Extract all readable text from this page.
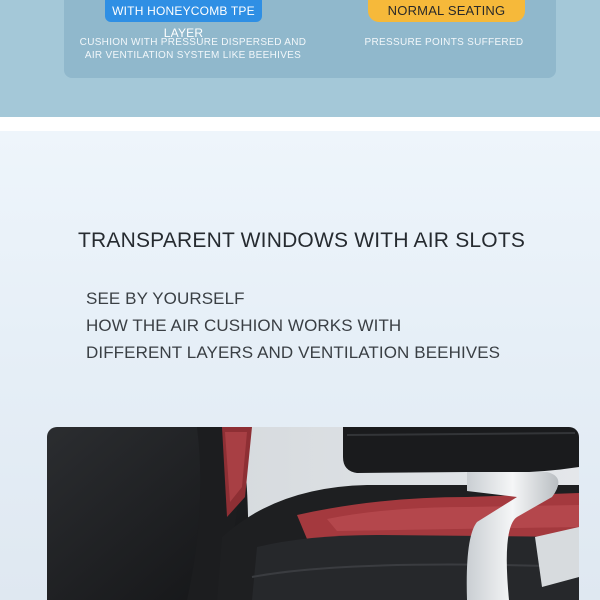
WITH HONEYCOMB TPE LAYER
NORMAL SEATING
CUSHION WITH PRESSURE DISPERSED AND
AIR VENTILATION SYSTEM LIKE BEEHIVES
PRESSURE POINTS SUFFERED
TRANSPARENT WINDOWS WITH AIR SLOTS
SEE BY YOURSELF
HOW THE AIR CUSHION WORKS WITH
DIFFERENT LAYERS AND VENTILATION BEEHIVES
